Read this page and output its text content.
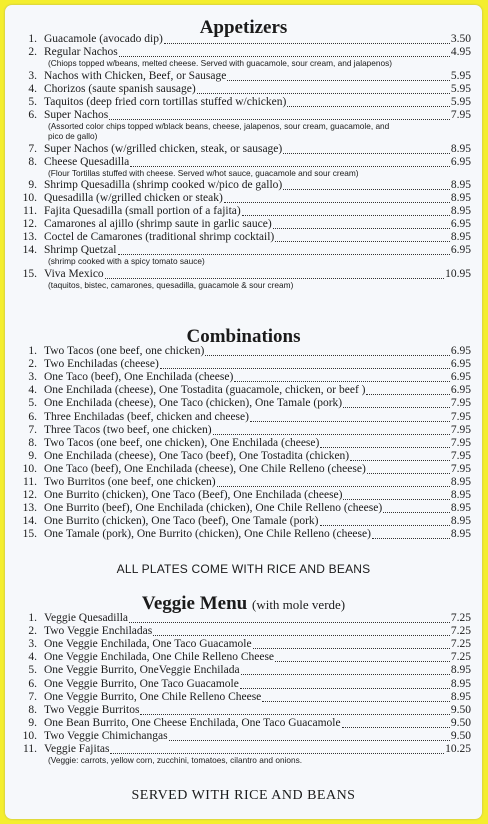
Appetizers
1. Guacamole (avocado dip)	3.50
2. Regular Nachos	4.95
(Chiops topped w/beans, melted cheese. Served with guacamole, sour cream, and jalapenos)
3. Nachos with Chicken, Beef, or Sausage	5.95
4. Chorizos (saute spanish sausage)	5.95
5. Taquitos (deep fried corn tortillas stuffed w/chicken)	5.95
6. Super Nachos	7.95
(Assorted color chips topped w/black beans, cheese, jalapenos, sour cream, guacamole, and
pico de gallo)
7. Super Nachos (w/grilled chicken, steak, or sausage)	8.95
8. Cheese Quesadilla	6.95
(Flour Tortillas stuffed with cheese. Served w/hot sauce, guacamole and sour cream)
9. Shrimp Quesadilla (shrimp cooked w/pico de gallo)	8.95
10. Quesadilla (w/grilled chicken or steak)	8.95
11. Fajita Quesadilla (small portion of a fajita)	8.95
12. Camarones al ajillo (shrimp saute in garlic sauce)	6.95
13. Coctel de Camarones (traditional shrimp cocktail)	8.95
14. Shrimp Quetzal	6.95
(shrimp cooked with a spicy tomato sauce)
15. Viva Mexico	10.95
(taquitos, bistec, camarones, quesadilla, guacamole & sour cream)
Combinations
1. Two Tacos (one beef, one chicken)	6.95
2. Two Enchiladas (cheese)	6.95
3. One Taco (beef), One Enchilada (cheese)	6.95
4. One Enchilada (cheese), One Tostadita (guacamole, chicken, or beef )	6.95
5. One Enchilada (cheese), One Taco (chicken), One Tamale (pork)	7.95
6. Three Enchiladas (beef, chicken and cheese)	7.95
7. Three Tacos (two beef, one chicken)	7.95
8. Two Tacos (one beef, one chicken), One Enchilada (cheese)	7.95
9. One Enchilada (cheese), One Taco (beef), One Tostadita (chicken)	7.95
10. One Taco (beef), One Enchilada (cheese), One Chile Relleno (cheese)	7.95
11. Two Burritos (one beef, one chicken)	8.95
12. One Burrito (chicken), One Taco (Beef), One Enchilada (cheese)	8.95
13. One Burrito (beef), One Enchilada (chicken), One Chile Relleno (cheese)	8.95
14. One Burrito (chicken), One Taco (beef), One Tamale (pork)	8.95
15. One Tamale (pork), One Burrito (chicken), One Chile Relleno (cheese)	8.95
ALL PLATES COME WITH RICE AND BEANS
Veggie Menu (with mole verde)
1. Veggie Quesadilla	7.25
2. Two Veggie Enchiladas	7.25
3. One Veggie Enchilada, One Taco Guacamole	7.25
4. One Veggie Enchilada, One Chile Relleno Cheese	7.25
5. One Veggie Burrito, OneVeggie Enchilada	8.95
6. One Veggie Burrito, One Taco Guacamole	8.95
7. One Veggie Burrito, One Chile Relleno Cheese	8.95
8. Two Veggie Burritos	9.50
9. One Bean Burrito, One Cheese Enchilada, One Taco Guacamole	9.50
10. Two Veggie Chimichangas	9.50
11. Veggie Fajitas	10.25
(Veggie: carrots, yellow corn, zucchini, tomatoes, cilantro and onions.
SERVED WITH RICE AND BEANS
